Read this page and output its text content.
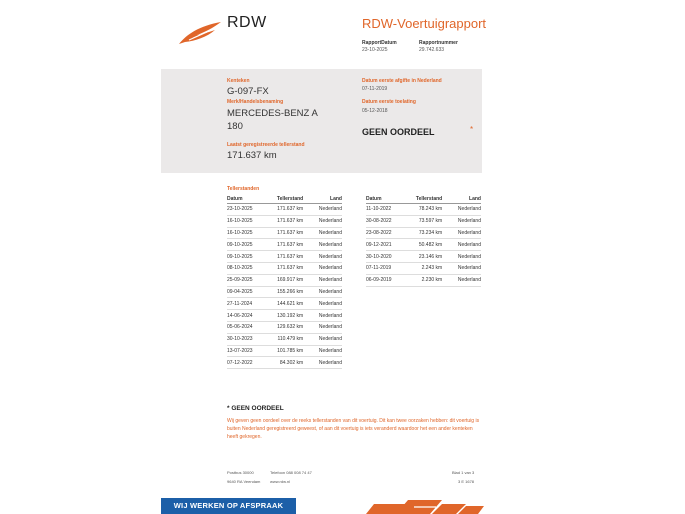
RDW	RDW-Voertuigrapport
RapportDatum
23-10-2025
Rapportnummer
29.742.633
Kenteken
G-097-FX
Merk/Handelsbenaming
MERCEDES-BENZ A
180
Laatst geregistreerde tellerstand
171.637 km
Datum eerste afgifte in Nederland
07-11-2019
Datum eerste toelating
05-12-2018
GEEN OORDEEL	*
Tellerstanden
Datum	Tellerstand	Land
23-10-2025	171.637 km	Nederland
16-10-2025	171.637 km	Nederland
16-10-2025	171.637 km	Nederland
09-10-2025	171.637 km	Nederland
09-10-2025	171.637 km	Nederland
08-10-2025	171.637 km	Nederland
25-09-2025	169.917 km	Nederland
09-04-2025	155.266 km	Nederland
27-11-2024	144.621 km	Nederland
14-06-2024	130.192 km	Nederland
05-06-2024	129.632 km	Nederland
30-10-2023	110.479 km	Nederland
13-07-2023	101.785 km	Nederland
07-12-2022	84.302 km	Nederland
Datum	Tellerstand	Land
11-10-2022	78.243 km	Nederland
30-08-2022	73.597 km	Nederland
23-08-2022	73.234 km	Nederland
09-12-2021	50.482 km	Nederland
30-10-2020	23.146 km	Nederland
07-11-2019	2.243 km	Nederland
06-09-2019	2.230 km	Nederland
* GEEN OORDEEL
Wij geven geen oordeel over de reeks tellerstanden van dit voertuig. Dit kan twee oorzaken hebben: dit voertuig is buiten Nederland geregistreerd geweest, of aan dit voertuig is iets veranderd waardoor het een ander kenteken heeft gekregen.
Postbus 30000
9640 RA Veendam
Telefoon 088 008 74 47
www.rdw.nl
Blad 1 van 3
3 E 1678
WIJ WERKEN OP AFSPRAAK
